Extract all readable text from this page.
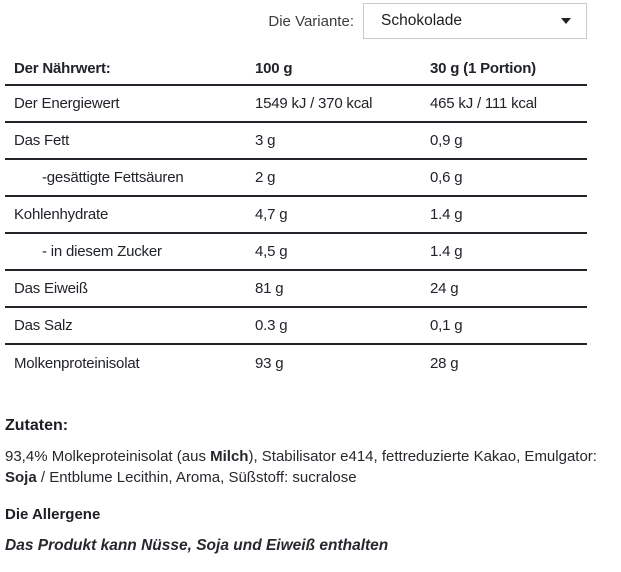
Die Variante: Schokolade
Der Nährwert:	100 g	30 g (1 Portion)
Der Energiewert	1549 kJ / 370 kcal	465 kJ / 111 kcal
Das Fett	3 g	0,9 g
-gesättigte Fettsäuren	2 g	0,6 g
Kohlenhydrate	4,7 g	1.4 g
- in diesem Zucker	4,5 g	1.4 g
Das Eiweiß	81 g	24 g
Das Salz	0.3 g	0,1 g
Molkenproteinisolat	93 g	28 g
Zutaten:

93,4% Molkeproteinisolat (aus Milch), Stabilisator e414, fettreduzierte Kakao, Emulgator: Soja / Entblume Lecithin, Aroma, Süßstoff: sucralose

Die Allergene
Das Produkt kann Nüsse, Soja und Eiweiß enthalten
